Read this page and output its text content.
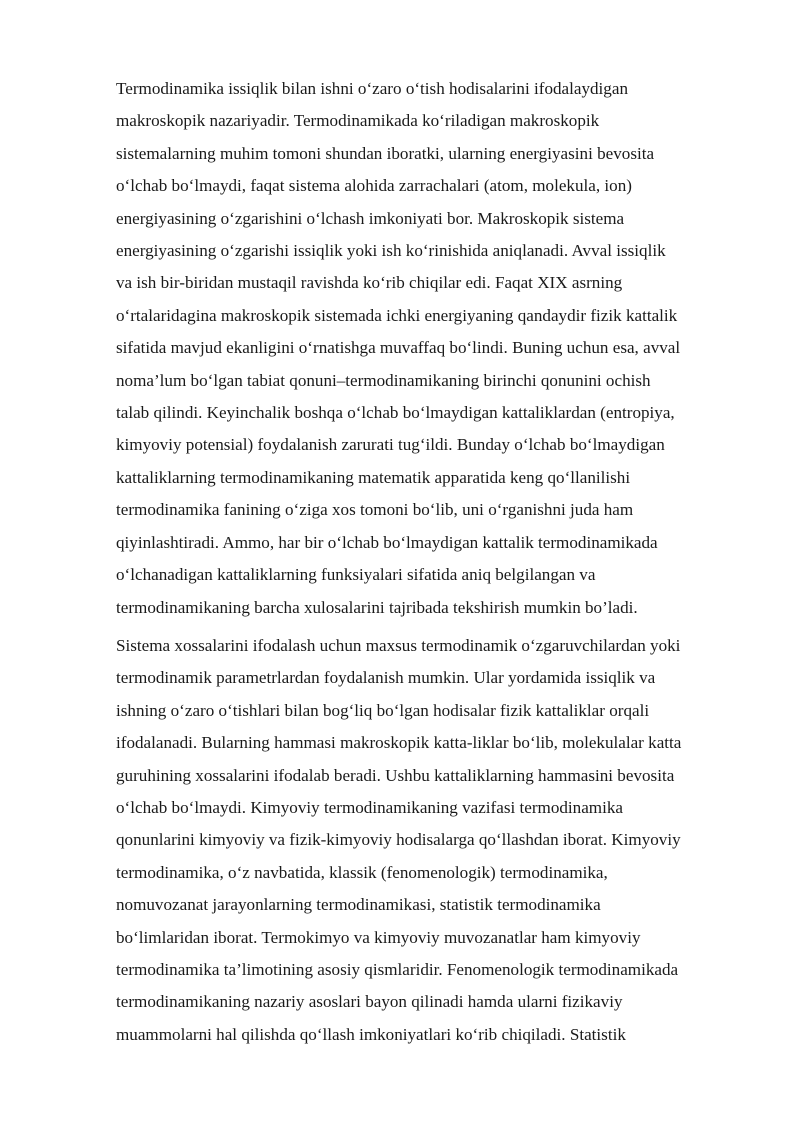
Termodinamika issiqlik bilan ishni oʻzaro oʻtish hodisalarini ifodalaydigan
makroskopik nazariyadir. Termodinamikada koʻriladigan makroskopik
sistemalarning muhim tomoni shundan iboratki, ularning energiyasini bevosita
oʻlchab boʻlmaydi, faqat sistema alohida zarrachalari (atom, molekula, ion)
energiyasining oʻzgarishini oʻlchash imkoniyati bor. Makroskopik sistema
energiyasining oʻzgarishi issiqlik yoki ish koʻrinishida aniqlanadi. Avval issiqlik
va ish bir-biridan mustaqil ravishda koʻrib chiqilar edi. Faqat XIX asrning
oʻrtalaridagina makroskopik sistemada ichki energiyaning qandaydir fizik kattalik
sifatida mavjud ekanligini oʻrnatishga muvaffaq boʻlindi. Buning uchun esa, avval
noma’lum boʻlgan tabiat qonuni–termodinamikaning birinchi qonunini ochish
talab qilindi. Keyinchalik boshqa oʻlchab boʻlmaydigan kattaliklardan (entropiya,
kimyoviy potensial) foydalanish zarurati tugʻildi. Bunday oʻlchab boʻlmaydigan
kattaliklarning termodinamikaning matematik apparatida keng qoʻllanilishi
termodinamika fanining oʻziga xos tomoni boʻlib, uni oʻrganishni juda ham
qiyinlashtiradi. Ammo, har bir oʻlchab boʻlmaydigan kattalik termodinamikada
oʻlchanadigan kattaliklarning funksiyalari sifatida aniq belgilangan va
termodinamikaning barcha xulosalarini tajribada tekshirish mumkin bo’ladi.

Sistema xossalarini ifodalash uchun maxsus termodinamik oʻzgaruvchilardan yoki
termodinamik parametrlardan foydalanish mumkin. Ular yordamida issiqlik va
ishning oʻzaro oʻtishlari bilan bogʻliq boʻlgan hodisalar fizik kattaliklar orqali
ifodalanadi. Bularning hammasi makroskopik katta-liklar boʻlib, molekulalar katta
guruhining xossalarini ifodalab beradi. Ushbu kattaliklarning hammasini bevosita
oʻlchab boʻlmaydi. Kimyoviy termodinamikaning vazifasi termodinamika
qonunlarini kimyoviy va fizik-kimyoviy hodisalarga qoʻllashdan iborat. Kimyoviy
termodinamika, oʻz navbatida, klassik (fenomenologik) termodinamika,
nomuvozanat jarayonlarning termodinamikasi, statistik termodinamika
boʻlimlaridan iborat. Termokimyo va kimyoviy muvozanatlar ham kimyoviy
termodinamika ta’limotining asosiy qismlaridir. Fenomenologik termodinamikada
termodinamikaning nazariy asoslari bayon qilinadi hamda ularni fizikaviy
muammolarni hal qilishda qoʻllash imkoniyatlari koʻrib chiqiladi. Statistik
